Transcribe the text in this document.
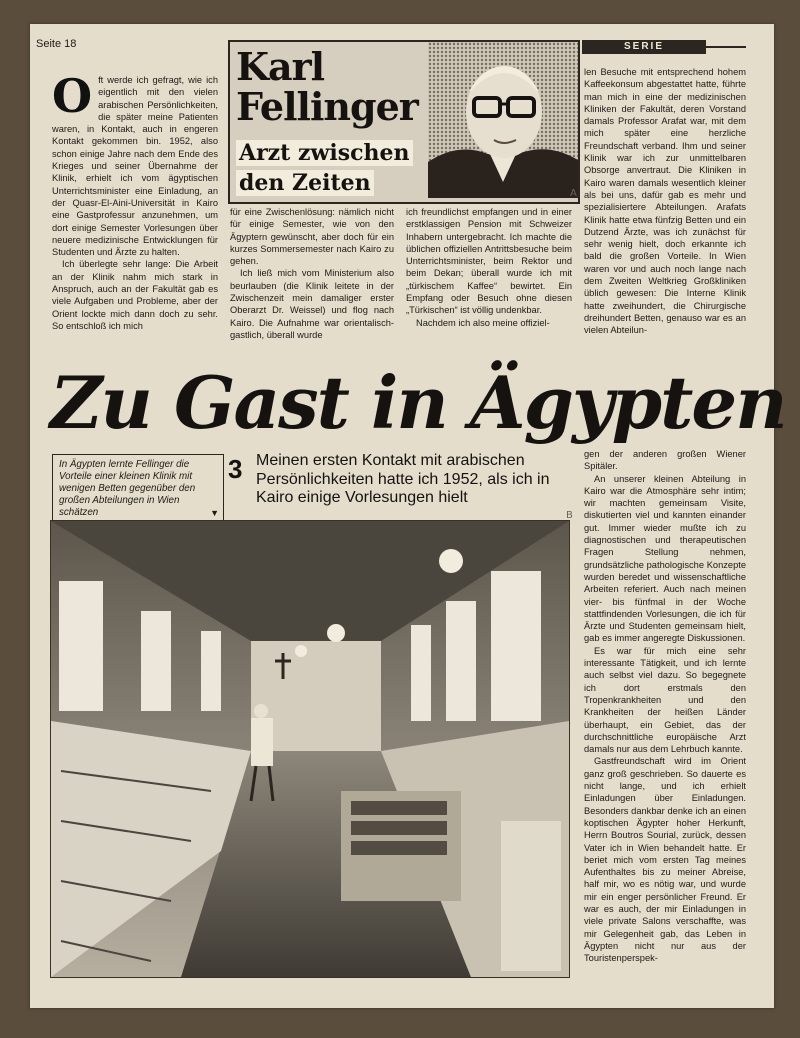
Seite 18
O ft werde ich gefragt, wie ich eigentlich mit den vielen arabischen Persönlichkeiten, die später meine Patienten waren, in Kontakt, auch in engeren Kontakt gekommen bin. 1952, also schon einige Jahre nach dem Ende des Krieges und seiner Übernahme der Klinik, erhielt ich vom ägyptischen Unterrichtsminister eine Einladung, an der Quasr-El-Aini-Universität in Kairo eine Gastprofessur anzunehmen, um dort einige Semester Vorlesungen über neuere medizinische Entwicklungen für Studenten und Ärzte zu halten.

Ich überlegte sehr lange: Die Arbeit an der Klinik nahm mich stark in Anspruch, auch an der Fakultät gab es viele Aufgaben und Probleme, aber der Orient lockte mich dann doch zu sehr. So entschloß ich mich

Karl
Fellinger
Arzt zwischen
den Zeiten
SERIE

für eine Zwischenlösung: nämlich nicht für einige Semester, wie von den Ägyptern gewünscht, aber doch für ein kurzes Sommersemester nach Kairo zu gehen.

Ich ließ mich vom Ministerium also beurlauben (die Klinik leitete in der Zwischenzeit mein damaliger erster Oberarzt Dr. Weissel) und flog nach Kairo. Die Aufnahme war orientalisch-gastlich, überall wurde

ich freundlichst empfangen und in einer erstklassigen Pension mit Schweizer Inhabern untergebracht. Ich machte die üblichen offiziellen Antrittsbesuche beim Unterrichtsminister, beim Rektor und beim Dekan; überall wurde ich mit „türkischem Kaffee“ bewirtet. Ein Empfang oder Besuch ohne diesen „Türkischen“ ist völlig undenkbar.

Nachdem ich also meine offiziel-

len Besuche mit entsprechend hohem Kaffeekonsum abgestattet hatte, führte man mich in eine der medizinischen Kliniken der Fakultät, deren Vorstand damals Professor Arafat war, mit dem mich später eine herzliche Freundschaft verband. Ihm und seiner Klinik war ich zur unmittelbaren Obsorge anvertraut. Die Kliniken in Kairo waren damals wesentlich kleiner als bei uns, dafür gab es mehr und spezialisiertere Abteilungen. Arafats Klinik hatte etwa fünfzig Betten und ein Dutzend Ärzte, was ich zunächst für sehr wenig hielt, doch erkannte ich bald die großen Vorteile. In Wien waren vor und auch noch lange nach dem Zweiten Weltkrieg Großkliniken üblich gewesen: Die Interne Klinik hatte zweihundert, die Chirurgische dreihundert Betten, genauso war es an vielen Abteilun-

A
Zu Gast in Ägypten
In Ägypten lernte Fellinger die Vorteile einer kleinen Klinik mit wenigen Betten gegenüber den großen Abteilungen in Wien schätzen	▼
3 Meinen ersten Kontakt mit arabischen Persönlichkeiten hatte ich 1952, als ich in Kairo einige Vorlesungen hielt
B

gen der anderen großen Wiener Spitäler.

An unserer kleinen Abteilung in Kairo war die Atmosphäre sehr intim; wir machten gemeinsam Visite, diskutierten viel und kannten einander gut. Immer wieder mußte ich zu diagnostischen und therapeutischen Fragen Stellung nehmen, grundsätzliche pathologische Konzepte wurden beredet und wissenschaftliche Arbeiten referiert. Auch nach meinen vier- bis fünfmal in der Woche stattfindenden Vorlesungen, die ich für Ärzte und Studenten gemeinsam hielt, gab es immer angeregte Diskussionen.

Es war für mich eine sehr interessante Tätigkeit, und ich lernte auch selbst viel dazu. So begegnete ich dort erstmals den Tropenkrankheiten und den Krankheiten der heißen Länder überhaupt, ein Gebiet, das der durchschnittliche europäische Arzt damals nur aus dem Lehrbuch kannte.

Gastfreundschaft wird im Orient ganz groß geschrieben. So dauerte es nicht lange, und ich erhielt Einladungen über Einladungen. Besonders dankbar denke ich an einen koptischen Ägypter hoher Herkunft, Herrn Boutros Sourial, zurück, dessen Vater ich in Wien behandelt hatte. Er beriet mich vom ersten Tag meines Aufenthaltes bis zu meiner Abreise, half mir, wo es nötig war, und wurde mir ein enger persönlicher Freund. Er war es auch, der mir Einladungen in viele private Salons verschaffte, was mir Gelegenheit gab, das Leben in Ägypten nicht nur aus der Touristenperspek-
